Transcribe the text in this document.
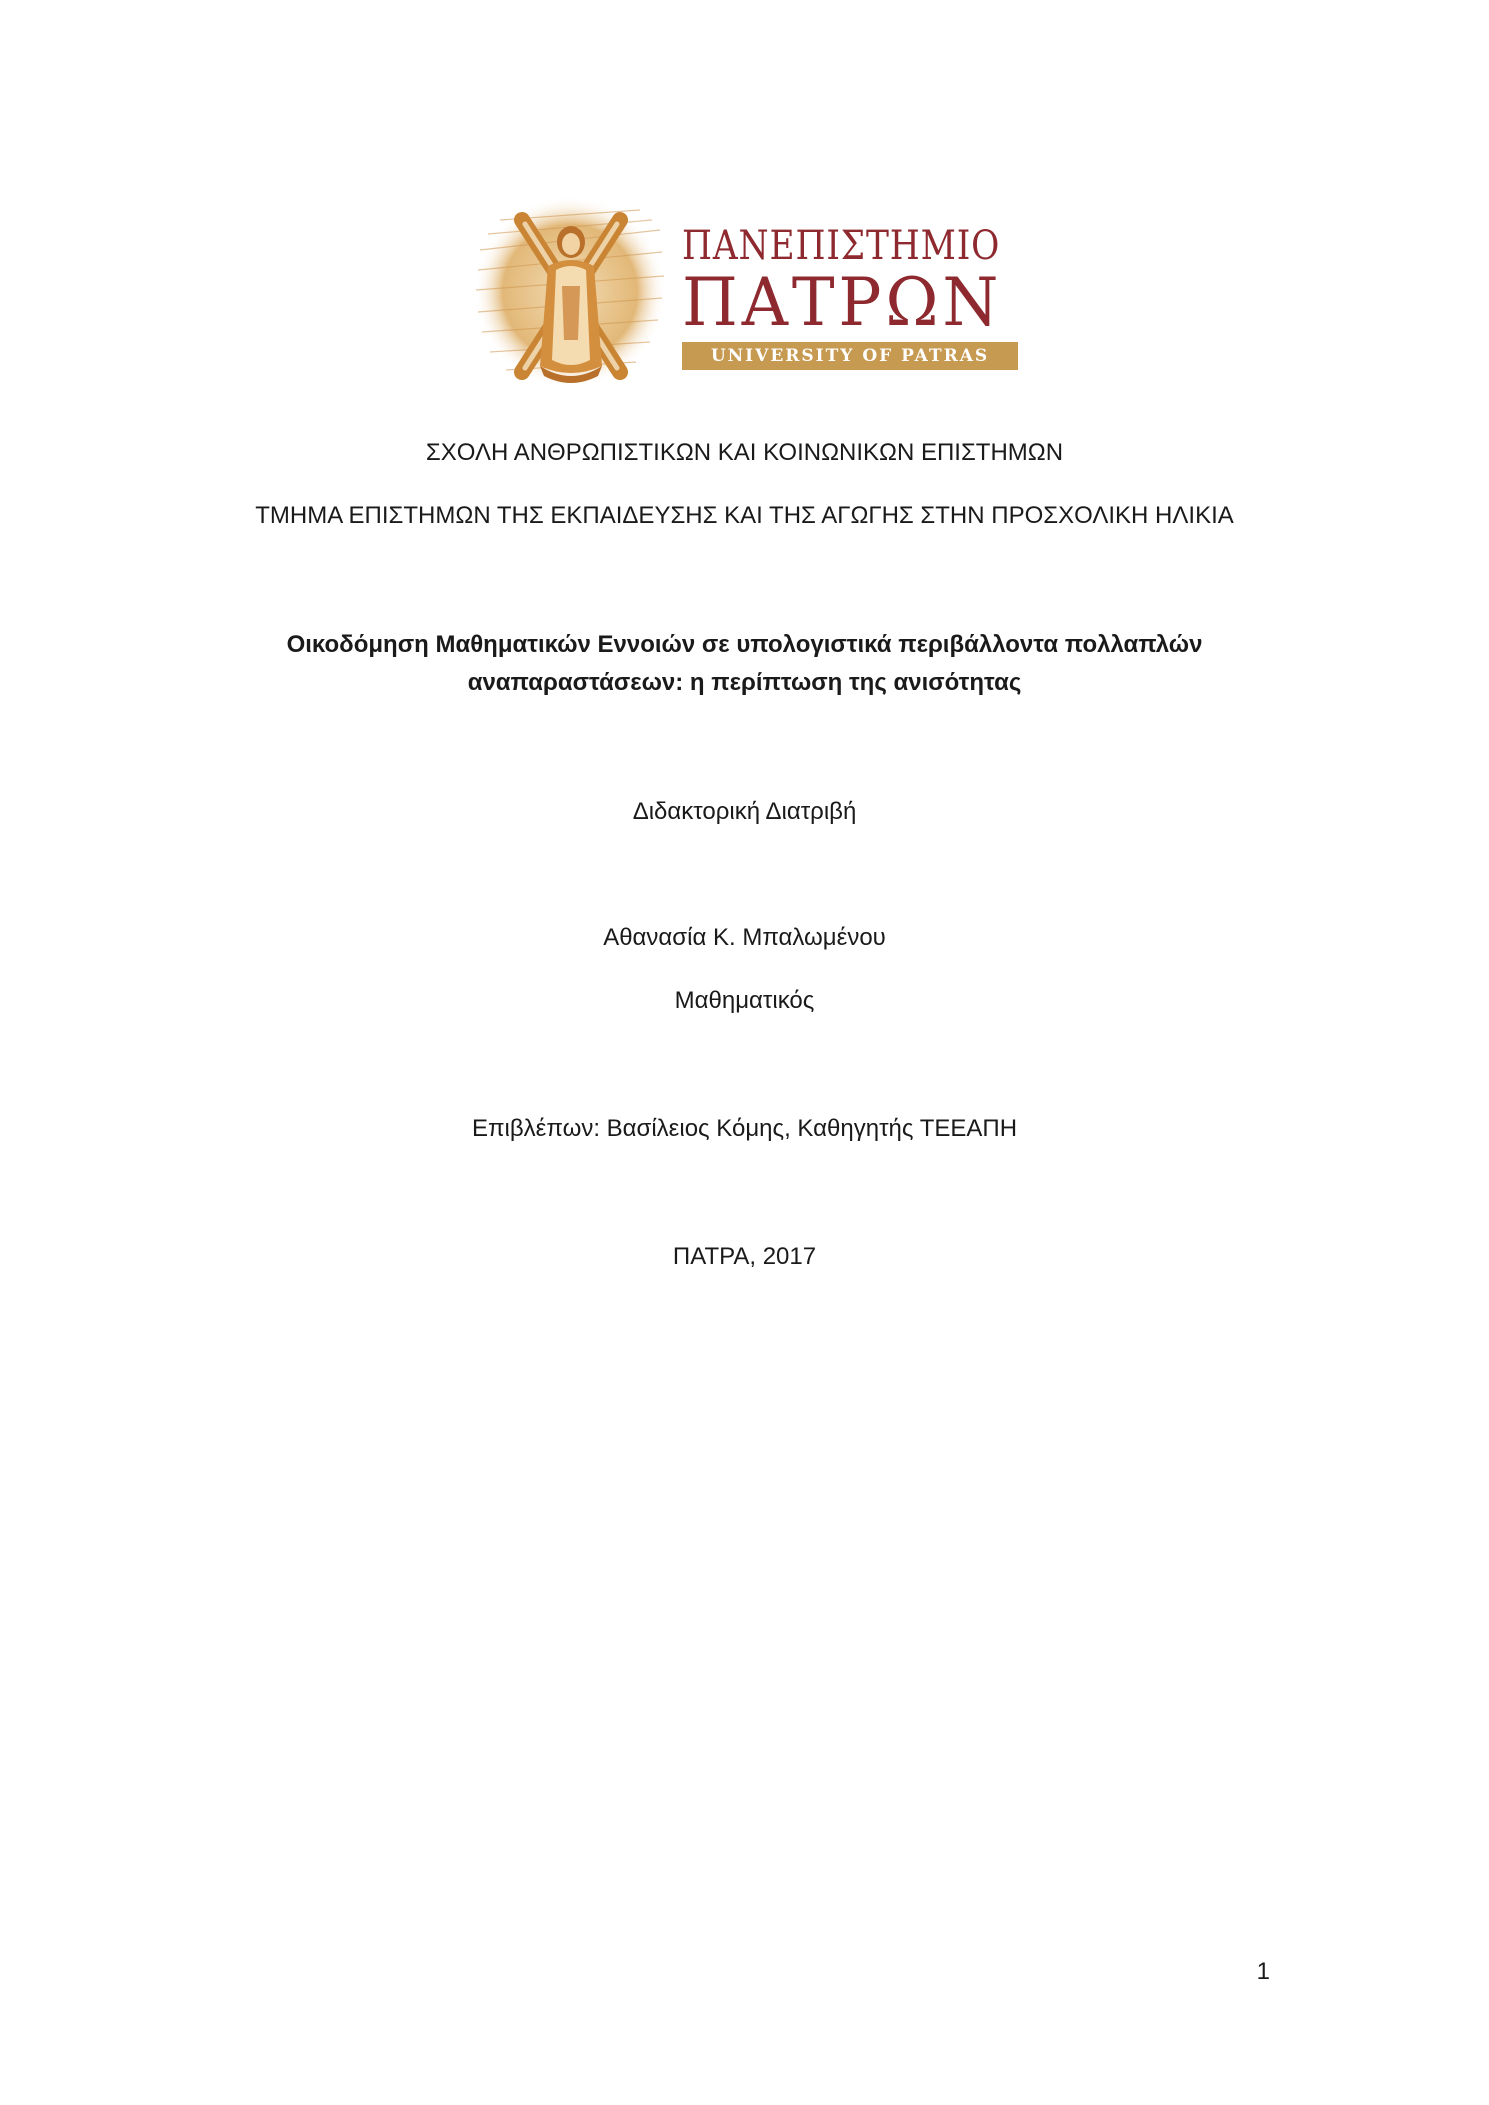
ΠΑΝΕΠΙΣΤΗΜΙΟ
ΠΑΤΡΩΝ
UNIVERSITY OF PATRAS
ΣΧΟΛΗ ΑΝΘΡΩΠΙΣΤΙΚΩΝ ΚΑΙ ΚΟΙΝΩΝΙΚΩΝ ΕΠΙΣΤΗΜΩΝ
ΤΜΗΜΑ ΕΠΙΣΤΗΜΩΝ ΤΗΣ ΕΚΠΑΙΔΕΥΣΗΣ ΚΑΙ ΤΗΣ ΑΓΩΓΗΣ ΣΤΗΝ ΠΡΟΣΧΟΛΙΚΗ ΗΛΙΚΙΑ
Οικοδόμηση Μαθηματικών Εννοιών σε υπολογιστικά περιβάλλοντα πολλαπλών
αναπαραστάσεων: η περίπτωση της ανισότητας
Διδακτορική Διατριβή
Αθανασία Κ. Μπαλωμένου
Μαθηματικός
Επιβλέπων: Βασίλειος Κόμης, Καθηγητής ΤΕΕΑΠΗ
ΠΑΤΡΑ, 2017
1
